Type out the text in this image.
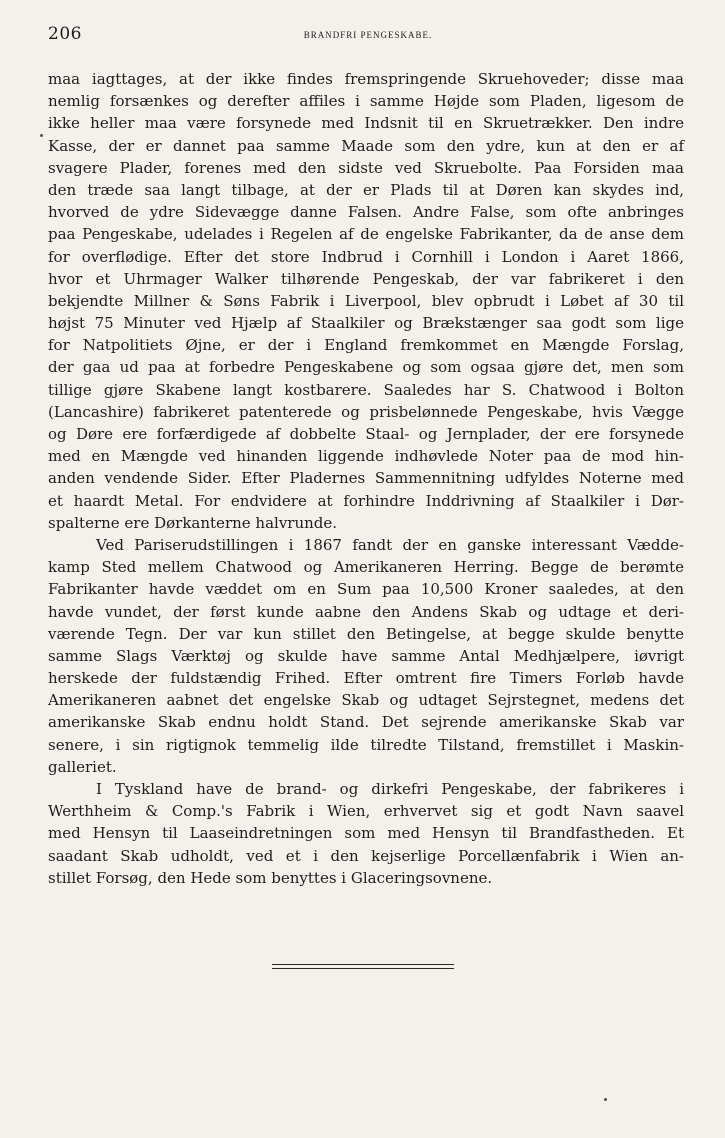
206	BRANDFRI PENGESKABE.
maa iagttages, at der ikke findes fremspringende Skruehoveder; disse maa
nemlig forsænkes og derefter affiles i samme Højde som Pladen, ligesom de
ikke heller maa være forsynede med Indsnit til en Skruetrækker. Den indre
Kasse, der er dannet paa samme Maade som den ydre, kun at den er af
svagere Plader, forenes med den sidste ved Skruebolte. Paa Forsiden maa
den træde saa langt tilbage, at der er Plads til at Døren kan skydes ind,
hvorved de ydre Sidevægge danne Falsen. Andre False, som ofte anbringes
paa Pengeskabe, udelades i Regelen af de engelske Fabrikanter, da de anse dem
for overflødige. Efter det store Indbrud i Cornhill i London i Aaret 1866,
hvor et Uhrmager Walker tilhørende Pengeskab, der var fabrikeret i den
bekjendte Millner & Søns Fabrik i Liverpool, blev opbrudt i Løbet af 30 til
højst 75 Minuter ved Hjælp af Staalkiler og Brækstænger saa godt som lige
for Natpolitiets Øjne, er der i England fremkommet en Mængde Forslag,
der gaa ud paa at forbedre Pengeskabene og som ogsaa gjøre det, men som
tillige gjøre Skabene langt kostbarere. Saaledes har S. Chatwood i Bolton
(Lancashire) fabrikeret patenterede og prisbelønnede Pengeskabe, hvis Vægge
og Døre ere forfærdigede af dobbelte Staal- og Jernplader, der ere forsynede
med en Mængde ved hinanden liggende indhøvlede Noter paa de mod hin-
anden vendende Sider. Efter Pladernes Sammennitning udfyldes Noterne med
et haardt Metal. For endvidere at forhindre Inddrivning af Staalkiler i Dør-
spalterne ere Dørkanterne halvrunde.
Ved Pariserudstillingen i 1867 fandt der en ganske interessant Vædde-
kamp Sted mellem Chatwood og Amerikaneren Herring. Begge de berømte
Fabrikanter havde væddet om en Sum paa 10,500 Kroner saaledes, at den
havde vundet, der først kunde aabne den Andens Skab og udtage et deri-
værende Tegn. Der var kun stillet den Betingelse, at begge skulde benytte
samme Slags Værktøj og skulde have samme Antal Medhjælpere, iøvrigt
herskede der fuldstændig Frihed. Efter omtrent fire Timers Forløb havde
Amerikaneren aabnet det engelske Skab og udtaget Sejrstegnet, medens det
amerikanske Skab endnu holdt Stand. Det sejrende amerikanske Skab var
senere, i sin rigtignok temmelig ilde tilredte Tilstand, fremstillet i Maskin-
galleriet.
I Tyskland have de brand- og dirkefri Pengeskabe, der fabrikeres i
Werthheim & Comp.'s Fabrik i Wien, erhvervet sig et godt Navn saavel
med Hensyn til Laaseindretningen som med Hensyn til Brandfastheden. Et
saadant Skab udholdt, ved et i den kejserlige Porcellænfabrik i Wien an-
stillet Forsøg, den Hede som benyttes i Glaceringsovnene.
